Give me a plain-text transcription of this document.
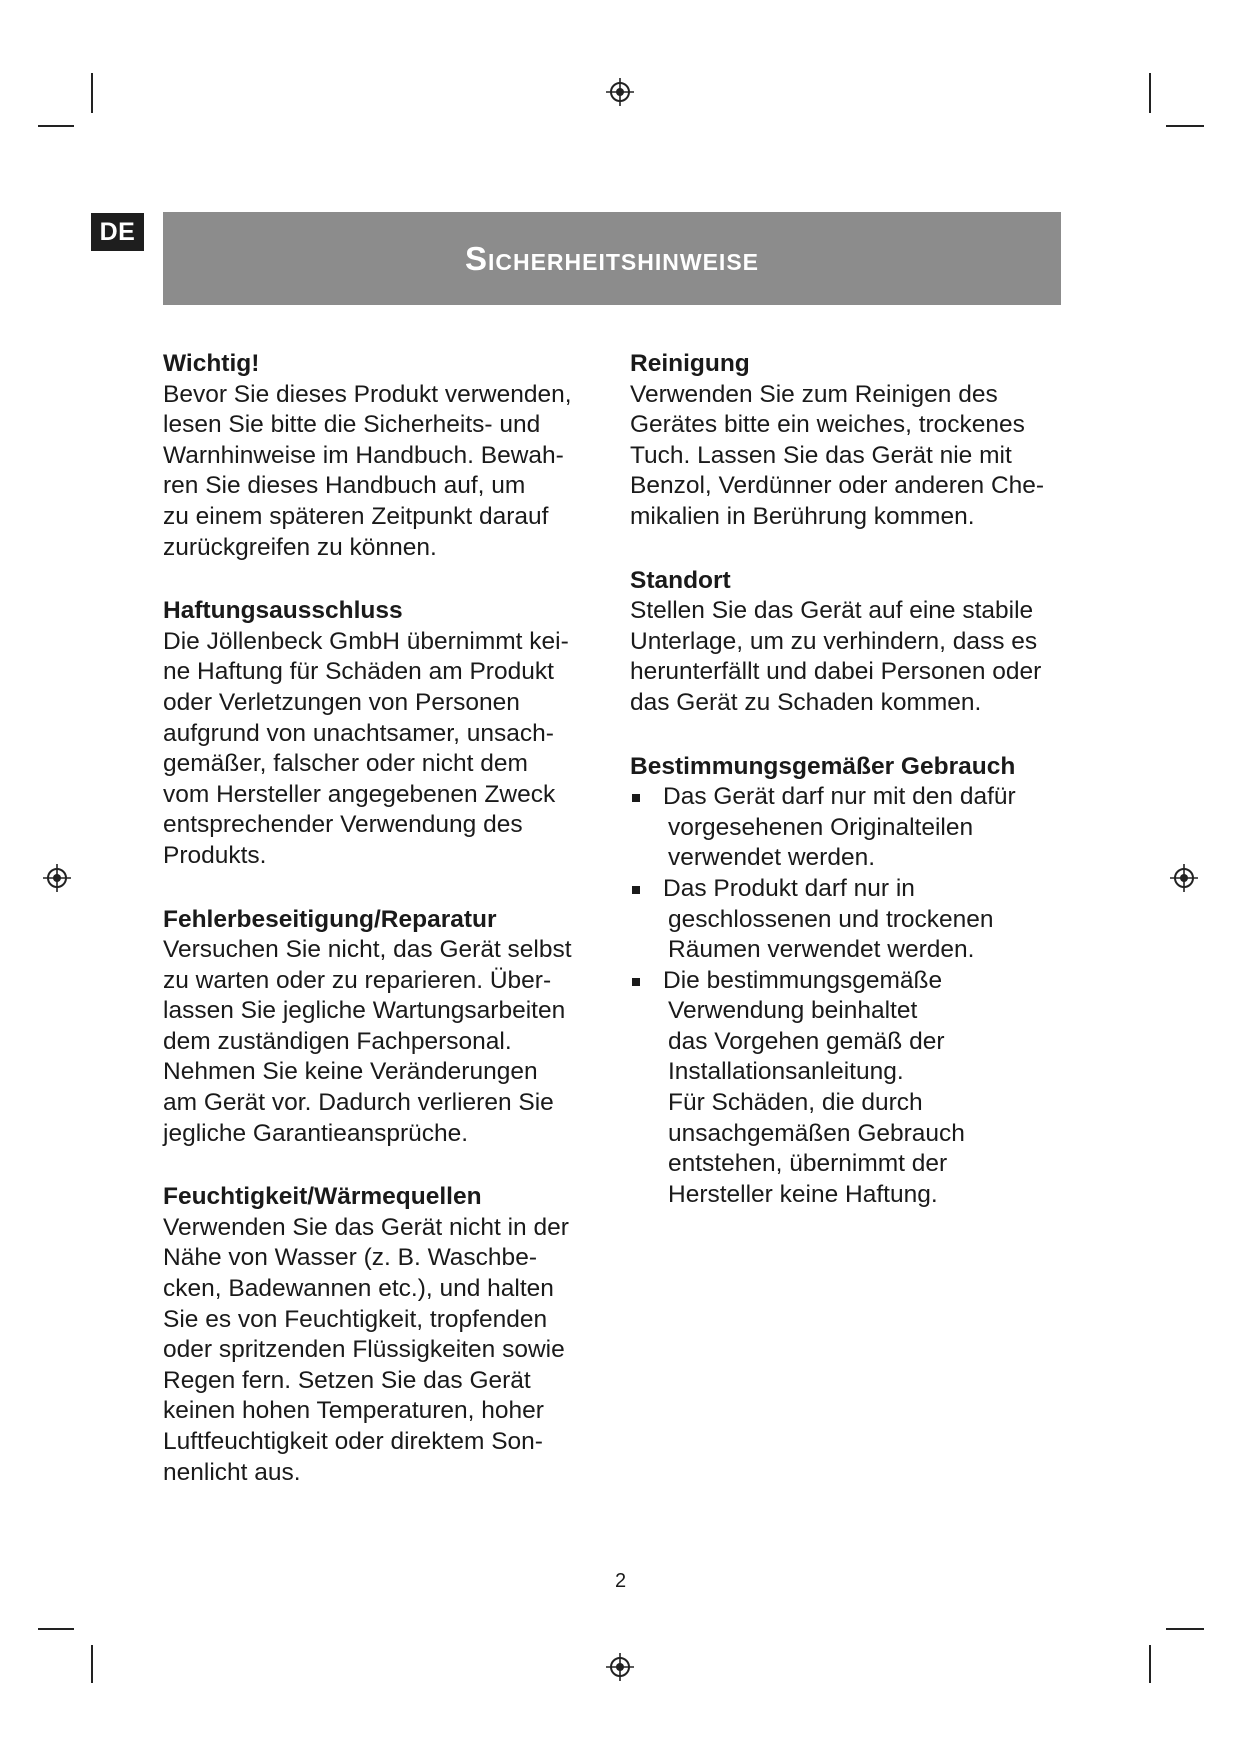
DE
Sicherheitshinweise
Wichtig!

Bevor Sie dieses Produkt verwenden,
lesen Sie bitte die Sicherheits- und
Warnhinweise im Handbuch. Bewah-
ren Sie dieses Handbuch auf, um
zu einem späteren Zeitpunkt darauf
zurückgreifen zu können.

Haftungsausschluss

Die Jöllenbeck GmbH übernimmt kei-
ne Haftung für Schäden am Produkt
oder Verletzungen von Personen
aufgrund von unachtsamer, unsach-
gemäßer, falscher oder nicht dem
vom Hersteller angegebenen Zweck
entsprechender Verwendung des
Produkts.

Fehlerbeseitigung/Reparatur

Versuchen Sie nicht, das Gerät selbst
zu warten oder zu reparieren. Über-
lassen Sie jegliche Wartungsarbeiten
dem zuständigen Fachpersonal.
Nehmen Sie keine Veränderungen
am Gerät vor. Dadurch verlieren Sie
jegliche Garantieansprüche.

Feuchtigkeit/Wärmequellen

Verwenden Sie das Gerät nicht in der
Nähe von Wasser (z. B. Waschbe-
cken, Badewannen etc.), und halten
Sie es von Feuchtigkeit, tropfenden
oder spritzenden Flüssigkeiten sowie
Regen fern. Setzen Sie das Gerät
keinen hohen Temperaturen, hoher
Luftfeuchtigkeit oder direktem Son-
nenlicht aus.

Reinigung

Verwenden Sie zum Reinigen des
Gerätes bitte ein weiches, trockenes
Tuch. Lassen Sie das Gerät nie mit
Benzol, Verdünner oder anderen Che-
mikalien in Berührung kommen.

Standort

Stellen Sie das Gerät auf eine stabile
Unterlage, um zu verhindern, dass es
herunterfällt und dabei Personen oder
das Gerät zu Schaden kommen.

Bestimmungsgemäßer Gebrauch
Das Gerät darf nur mit den dafür
vorgesehenen Originalteilen
verwendet werden.
Das Produkt darf nur in
geschlossenen und trockenen
Räumen verwendet werden.
Die bestimmungsgemäße
Verwendung beinhaltet
das Vorgehen gemäß der
Installationsanleitung.
Für Schäden, die durch
unsachgemäßen Gebrauch
entstehen, übernimmt der
Hersteller keine Haftung.
2
